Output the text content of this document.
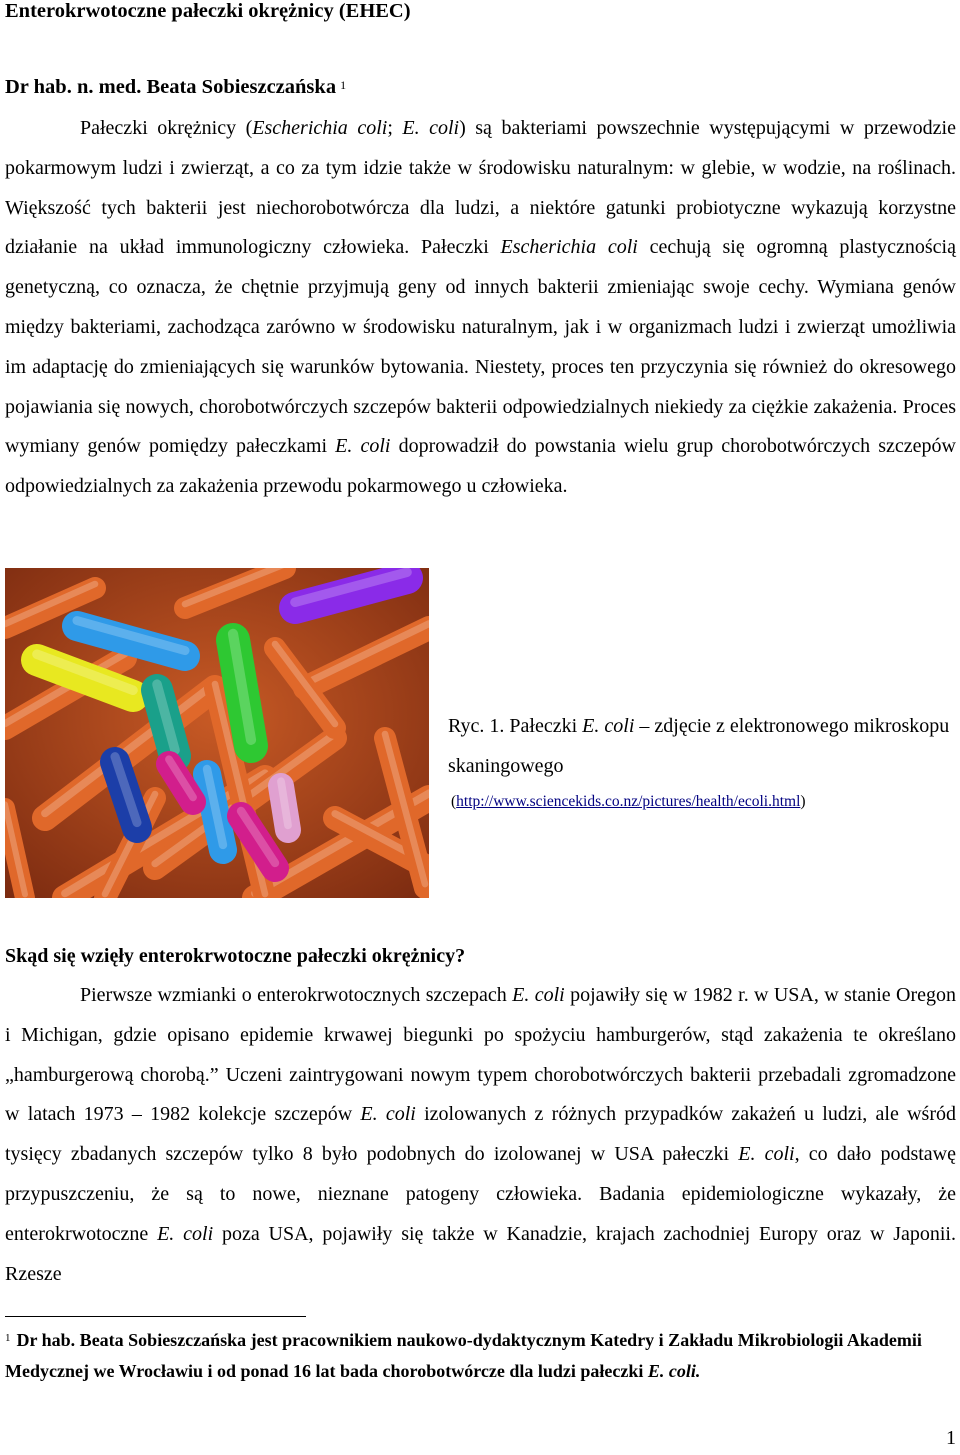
Enterokrwotoczne pałeczki okrężnicy (EHEC)
Dr hab. n. med. Beata Sobieszczańska $^1$
Pałeczki okrężnicy (Escherichia coli; E. coli) są bakteriami powszechnie występującymi w przewodzie pokarmowym ludzi i zwierząt, a co za tym idzie także w środowisku naturalnym: w glebie, w wodzie, na roślinach. Większość tych bakterii jest niechorobotwórcza dla ludzi, a niektóre gatunki probiotyczne wykazują korzystne działanie na układ immunologiczny człowieka. Pałeczki Escherichia coli cechują się ogromną plastycznością genetyczną, co oznacza, że chętnie przyjmują geny od innych bakterii zmieniając swoje cechy. Wymiana genów między bakteriami, zachodząca zarówno w środowisku naturalnym, jak i w organizmach ludzi i zwierząt umożliwia im adaptację do zmieniających się warunków bytowania. Niestety, proces ten przyczynia się również do okresowego pojawiania się nowych, chorobotwórczych szczepów bakterii odpowiedzialnych niekiedy za ciężkie zakażenia. Proces wymiany genów pomiędzy pałeczkami E. coli doprowadził do powstania wielu grup chorobotwórczych szczepów odpowiedzialnych za zakażenia przewodu pokarmowego u człowieka.
Ryc. 1. Pałeczki E. coli – zdjęcie z elektronowego mikroskopu skaningowego
(http://www.sciencekids.co.nz/pictures/health/ecoli.html)
Skąd się wzięły enterokrwotoczne pałeczki okrężnicy?
Pierwsze wzmianki o enterokrwotocznych szczepach E. coli pojawiły się w 1982 r. w USA, w stanie Oregon i Michigan, gdzie opisano epidemie krwawej biegunki po spożyciu hamburgerów, stąd zakażenia te określano „hamburgerową chorobą.” Uczeni zaintrygowani nowym typem chorobotwórczych bakterii przebadali zgromadzone w latach 1973 – 1982 kolekcje szczepów E. coli izolowanych z różnych przypadków zakażeń u ludzi, ale wśród tysięcy zbadanych szczepów tylko 8 było podobnych do izolowanej w USA pałeczki E. coli, co dało podstawę przypuszczeniu, że są to nowe, nieznane patogeny człowieka. Badania epidemiologiczne wykazały, że enterokrwotoczne E. coli poza USA, pojawiły się także w Kanadzie, krajach zachodniej Europy oraz w Japonii. Rzesze
$^1$ Dr hab. Beata Sobieszczańska jest pracownikiem naukowo-dydaktycznym Katedry i Zakładu Mikrobiologii Akademii Medycznej we Wrocławiu i od ponad 16 lat bada chorobotwórcze dla ludzi pałeczki E. coli.
1
